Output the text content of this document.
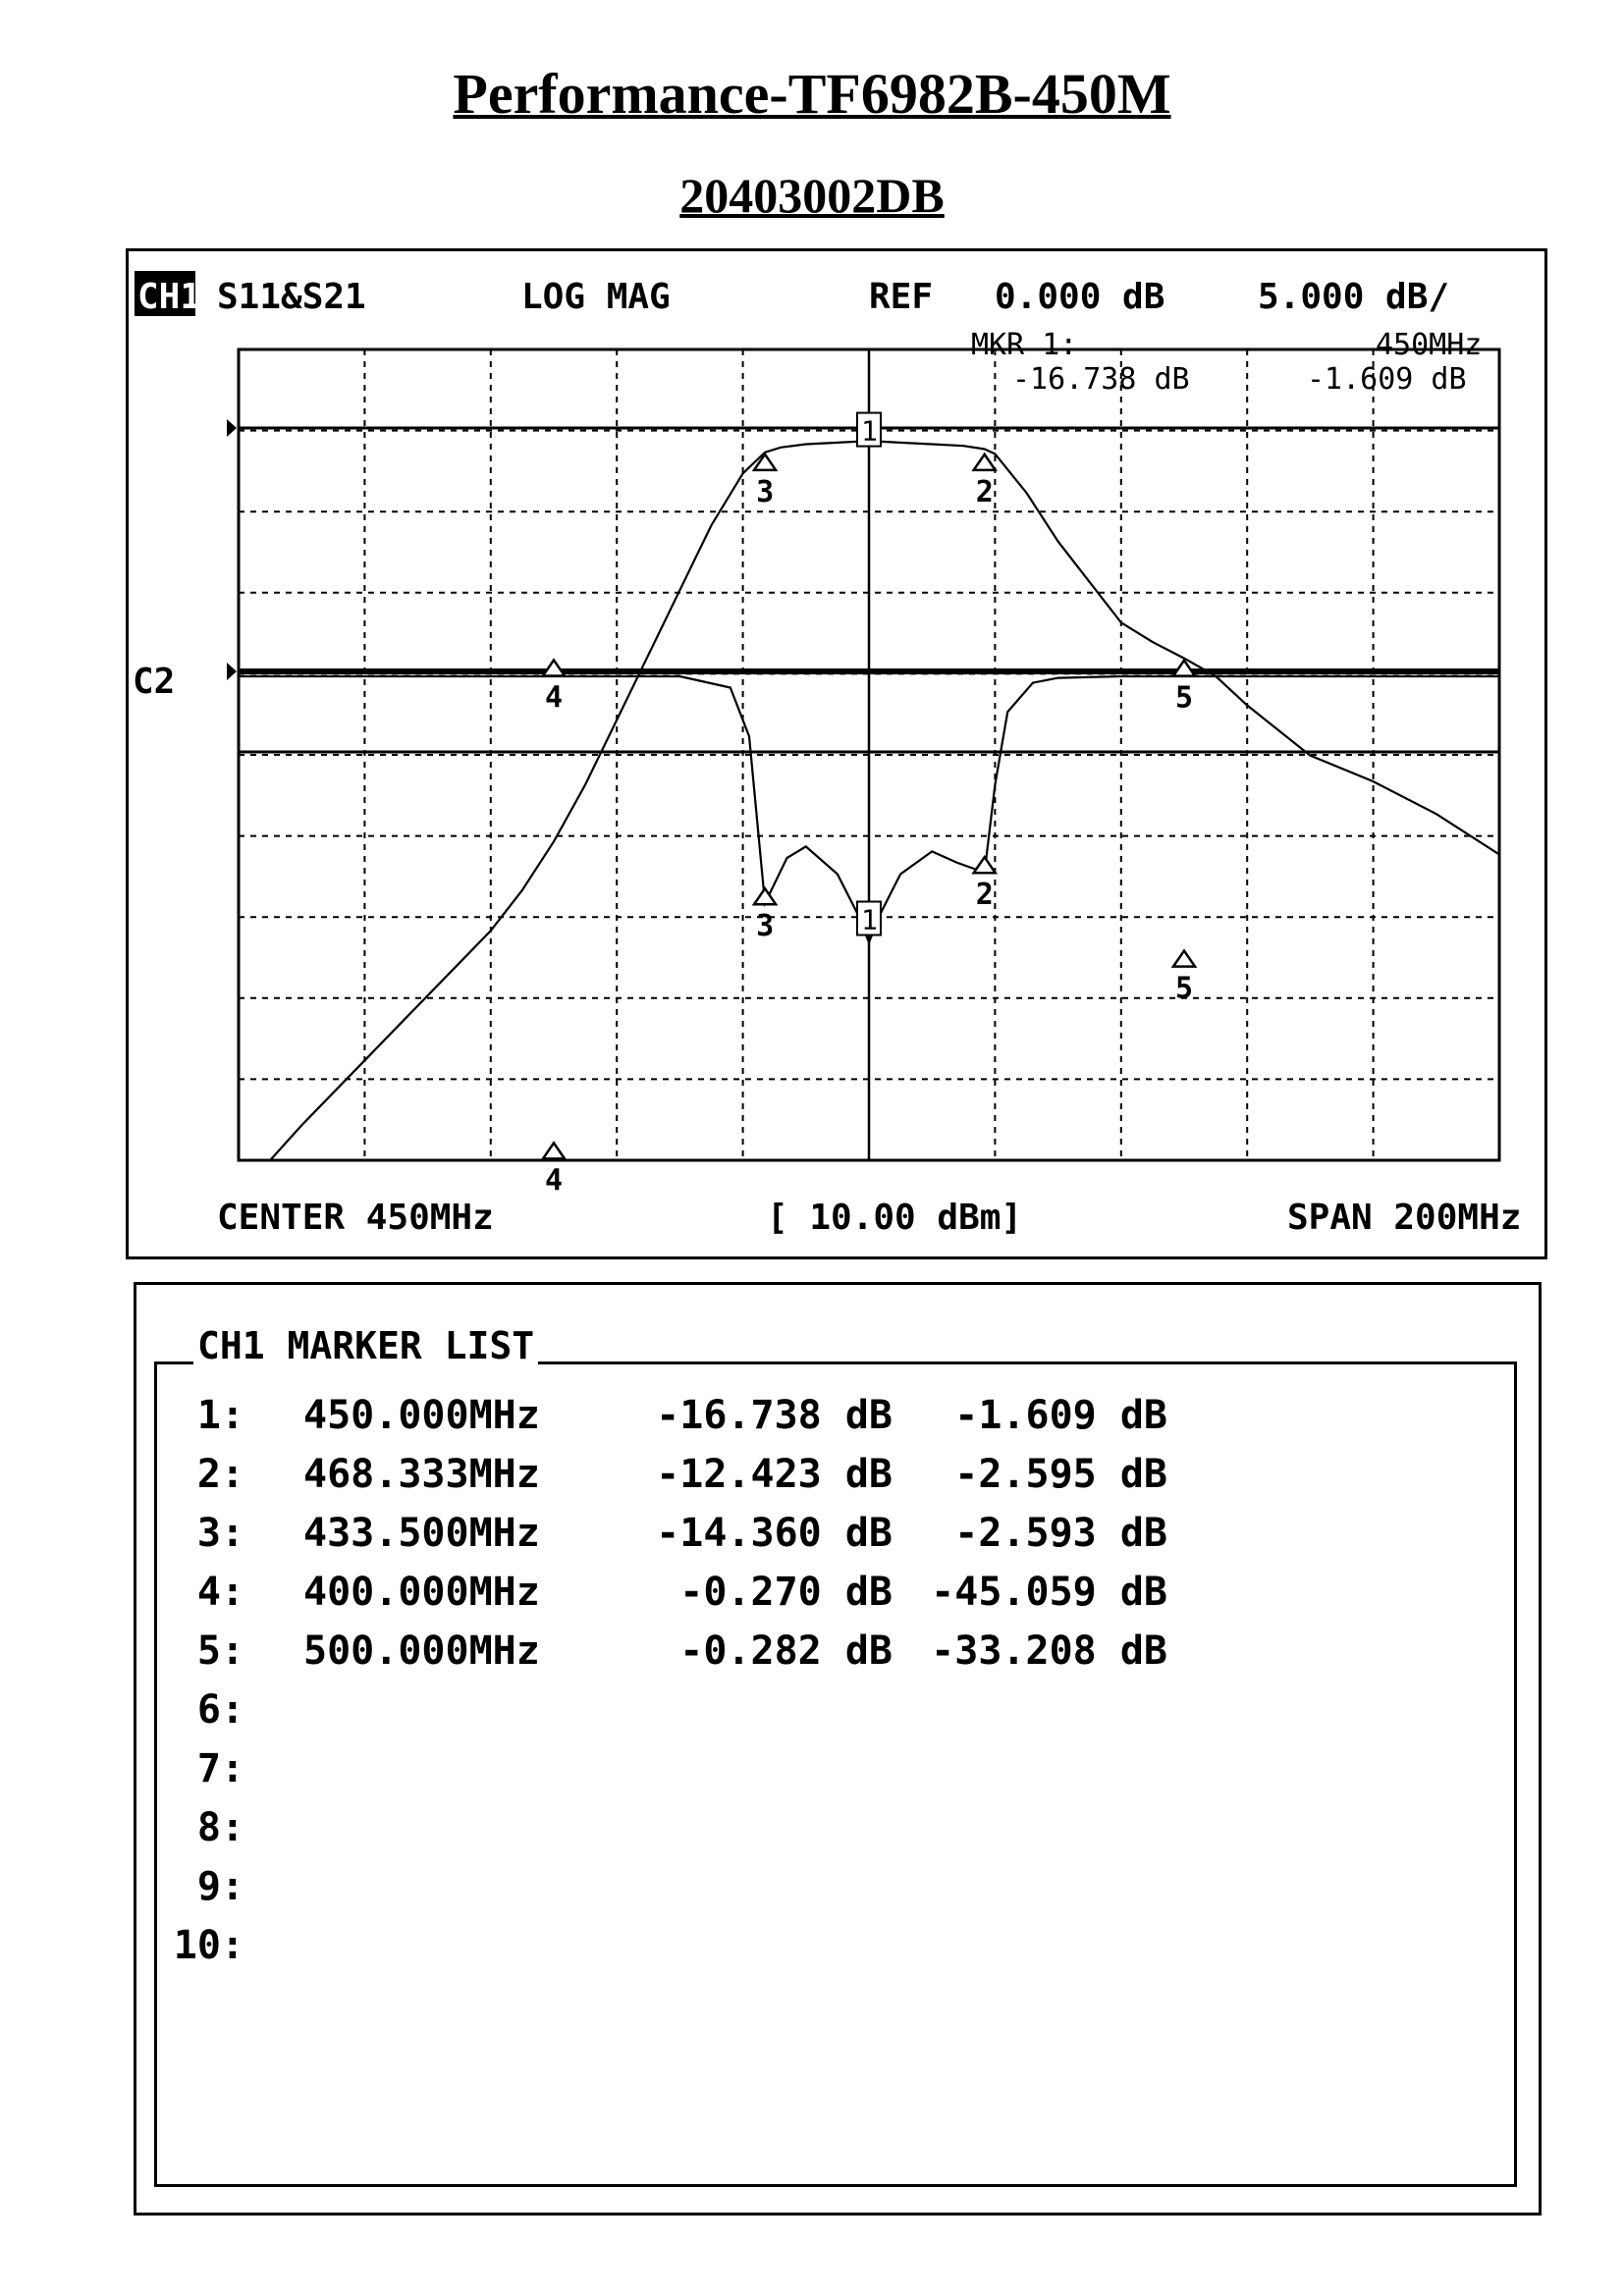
Performance-TF6982B-450M
20403002DB
CH1 S11&S21	LOG MAG	REF 0.000 dB	5.000 dB/
MKR 1:	450MHz
-16.738 dB	-1.609 dB
C2
1
1
2
2
3
3
4
4
5
5
CENTER 450MHz	[ 10.00 dBm]	SPAN 200MHz
CH1 MARKER LIST
1: 450.000MHz	-16.738 dB	-1.609 dB
2: 468.333MHz	-12.423 dB	-2.595 dB
3: 433.500MHz	-14.360 dB	-2.593 dB
4: 400.000MHz	-0.270 dB -45.059 dB
5: 500.000MHz	-0.282 dB -33.208 dB
6:
7:
8:
9:
10:
